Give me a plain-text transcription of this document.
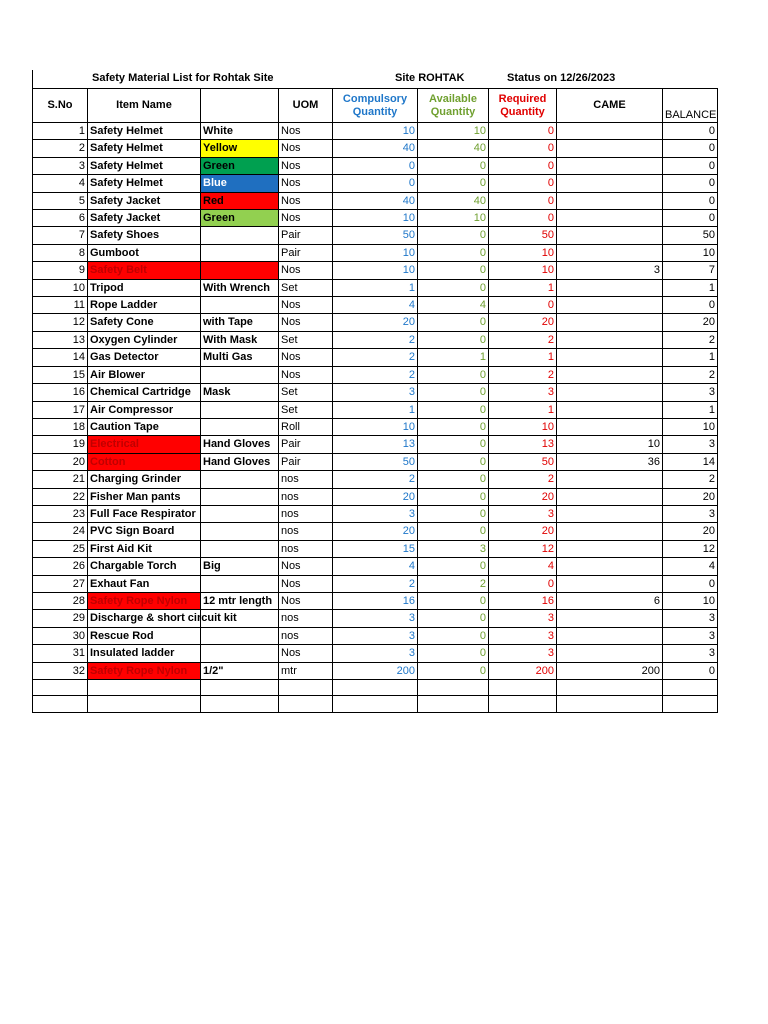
Safety Material List for Rohtak Site	Site ROHTAK	Status on 12/26/2023
S.No	Item Name		UOM	Compulsory Quantity	Available Quantity	Required Quantity	CAME	BALANCE
1	Safety Helmet	White	Nos	10	10	0		0
2	Safety Helmet	Yellow	Nos	40	40	0		0
3	Safety Helmet	Green	Nos	0	0	0		0
4	Safety Helmet	Blue	Nos	0	0	0		0
5	Safety Jacket	Red	Nos	40	40	0		0
6	Safety Jacket	Green	Nos	10	10	0		0
7	Safety Shoes		Pair	50	0	50		50
8	Gumboot		Pair	10	0	10		10
9	Safety Belt		Nos	10	0	10	3	7
10	Tripod	With Wrench	Set	1	0	1		1
11	Rope Ladder		Nos	4	4	0		0
12	Safety Cone	with Tape	Nos	20	0	20		20
13	Oxygen Cylinder	With Mask	Set	2	0	2		2
14	Gas Detector	Multi Gas	Nos	2	1	1		1
15	Air Blower		Nos	2	0	2		2
16	Chemical Cartridge	Mask	Set	3	0	3		3
17	Air Compressor		Set	1	0	1		1
18	Caution Tape		Roll	10	0	10		10
19	Electrical	Hand Gloves	Pair	13	0	13	10	3
20	Cotton	Hand Gloves	Pair	50	0	50	36	14
21	Charging Grinder		nos	2	0	2		2
22	Fisher Man pants		nos	20	0	20		20
23	Full Face Respirator		nos	3	0	3		3
24	PVC Sign Board		nos	20	0	20		20
25	First Aid Kit		nos	15	3	12		12
26	Chargable Torch	Big	Nos	4	0	4		4
27	Exhaut Fan		Nos	2	2	0		0
28	Safety Rope Nylon	12 mtr length	Nos	16	0	16	6	10
29	Discharge & short circuit kit		nos	3	0	3		3
30	Rescue Rod		nos	3	0	3		3
31	Insulated ladder		Nos	3	0	3		3
32	Safety Rope Nylon	1/2"	mtr	200	0	200	200	0
